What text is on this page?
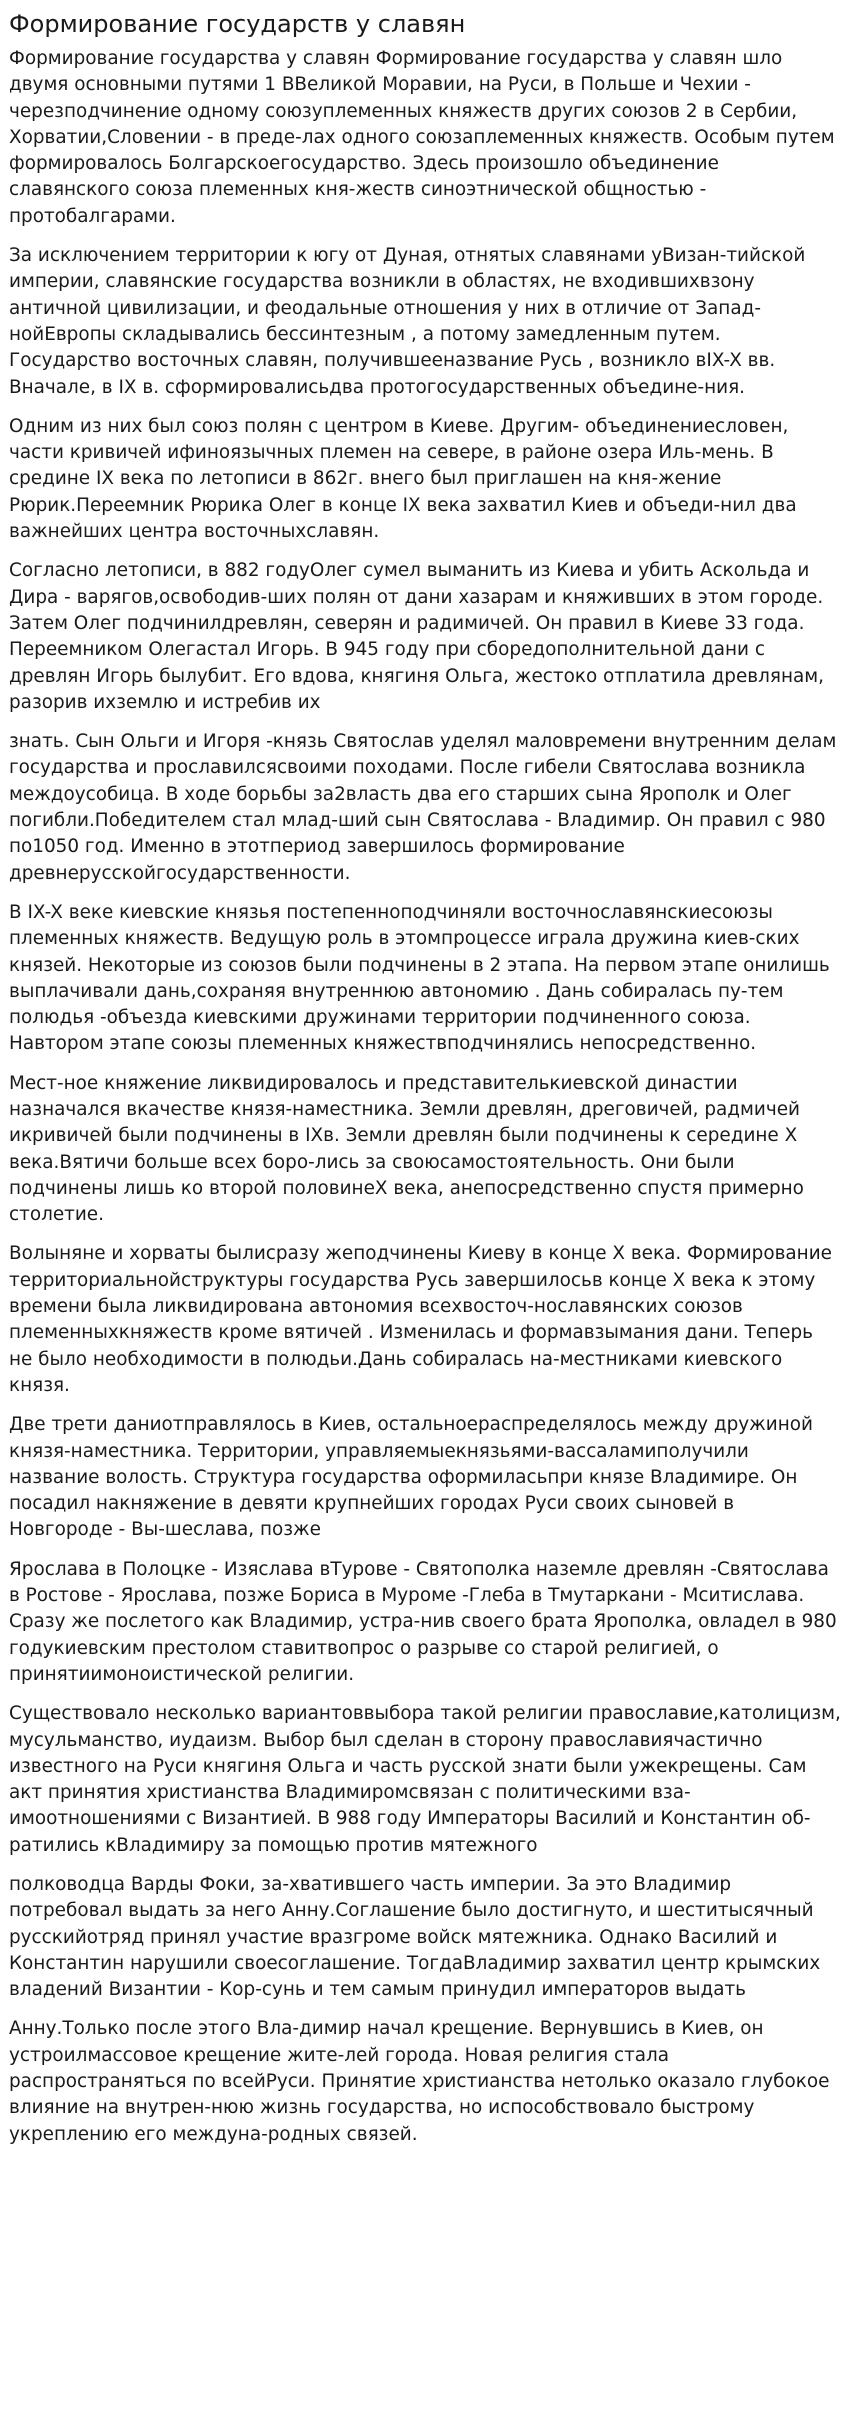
Формирование государств у славян

Формирование государства у славян Формирование государства у славян шло двумя основными путями 1 ВВеликой Моравии, на Руси, в Польше и Чехии - черезподчинение одному союзуплеменных княжеств других союзов 2 в Сербии, Хорватии,Словении - в преде-лах одного союзаплеменных княжеств. Особым путем формировалось Болгарскоегосударство. Здесь произошло объединение славянского союза племенных кня-жеств синоэтнической общностью - протобалгарами.

За исключением территории к югу от Дуная, отнятых славянами уВизан-тийской империи, славянские государства возникли в областях, не входившихвзону античной цивилизации, и феодальные отношения у них в отличие от Запад-нойЕвропы складывались бессинтезным , а потому замедленным путем. Государство восточных славян, получившееназвание Русь , возникло вIX-X вв. Вначале, в IX в. сформировалисьдва протогосударственных объедине-ния.

Одним из них был союз полян с центром в Киеве. Другим- объединениесловен, части кривичей ифиноязычных племен на севере, в районе озера Иль-мень. В средине IX века по летописи в 862г. внего был приглашен на кня-жение Рюрик.Переемник Рюрика Олег в конце IX века захватил Киев и объеди-нил два важнейших центра восточныхславян.

Согласно летописи, в 882 годуОлег сумел выманить из Киева и убить Аскольда и Дира - варягов,освободив-ших полян от дани хазарам и княживших в этом городе. Затем Олег подчинилдревлян, северян и радимичей. Он правил в Киеве 33 года. Переемником Олегастал Игорь. В 945 году при сборедополнительной дани с древлян Игорь былубит. Его вдова, княгиня Ольга, жестоко отплатила древлянам, разорив ихземлю и истребив их

знать. Сын Ольги и Игоря -князь Святослав уделял маловремени внутренним делам государства и прославилсясвоими походами. После гибели Святослава возникла междоусобица. В ходе борьбы за2власть два его старших сына Ярополк и Олег погибли.Победителем стал млад-ший сын Святослава - Владимир. Он правил с 980 по1050 год. Именно в этотпериод завершилось формирование древнерусскойгосударственности.

В IX-X веке киевские князья постепенноподчиняли восточнославянскиесоюзы племенных княжеств. Ведущую роль в этомпроцессе играла дружина киев-ских князей. Некоторые из союзов были подчинены в 2 этапа. На первом этапе онилишь выплачивали дань,сохраняя внутреннюю автономию . Дань собиралась пу-тем полюдья -объезда киевскими дружинами территории подчиненного союза. Навтором этапе союзы племенных княжествподчинялись непосредственно.

Мест-ное княжение ликвидировалось и представителькиевской династии назначался вкачестве князя-наместника. Земли древлян, дреговичей, радмичей икривичей были подчинены в IXв. Земли древлян были подчинены к середине X века.Вятичи больше всех боро-лись за своюсамостоятельность. Они были подчинены лишь ко второй половинеX века, анепосредственно спустя примерно столетие.

Волыняне и хорваты былисразу жеподчинены Киеву в конце X века. Формирование территориальнойструктуры государства Русь завершилосьв конце X века к этому времени была ликвидирована автономия всехвосточ-нославянских союзов племенныхкняжеств кроме вятичей . Изменилась и формавзымания дани. Теперь не было необходимости в полюдьи.Дань собиралась на-местниками киевского князя.

Две трети даниотправлялось в Киев, остальноераспределялось между дружиной князя-наместника. Территории, управляемыекнязьями-вассаламиполучили название волость. Структура государства оформиласьпри князе Владимире. Он посадил накняжение в девяти крупнейших городах Руси своих сыновей в Новгороде - Вы-шеслава, позже

Ярослава в Полоцке - Изяслава вТурове - Святополка наземле древлян -Святослава в Ростове - Ярослава, позже Бориса в Муроме -Глеба в Тмутаркани - Мситислава. Сразу же послетого как Владимир, устра-нив своего брата Ярополка, овладел в 980 годукиевским престолом ставитвопрос о разрыве со старой религией, о принятиимоноистической религии.

Существовало несколько вариантоввыбора такой религии православие,католицизм, мусульманство, иудаизм. Выбор был сделан в сторону православиячастично известного на Руси княгиня Ольга и часть русской знати были ужекрещены. Сам акт принятия христианства Владимиромсвязан с политическими вза-имоотношениями с Византией. В 988 году Императоры Василий и Константин об-ратились кВладимиру за помощью против мятежного

полководца Варды Фоки, за-хватившего часть империи. За это Владимир потребовал выдать за него Анну.Соглашение было достигнуто, и шеститысячный русскийотряд принял участие вразгроме войск мятежника. Однако Василий и Константин нарушили своесоглашение. ТогдаВладимир захватил центр крымских владений Византии - Кор-сунь и тем самым принудил императоров выдать

Анну.Только после этого Вла-димир начал крещение. Вернувшись в Киев, он устроилмассовое крещение жите-лей города. Новая религия стала распространяться по всейРуси. Принятие христианства нетолько оказало глубокое влияние на внутрен-нюю жизнь государства, но испособствовало быстрому укреплению его междуна-родных связей.
